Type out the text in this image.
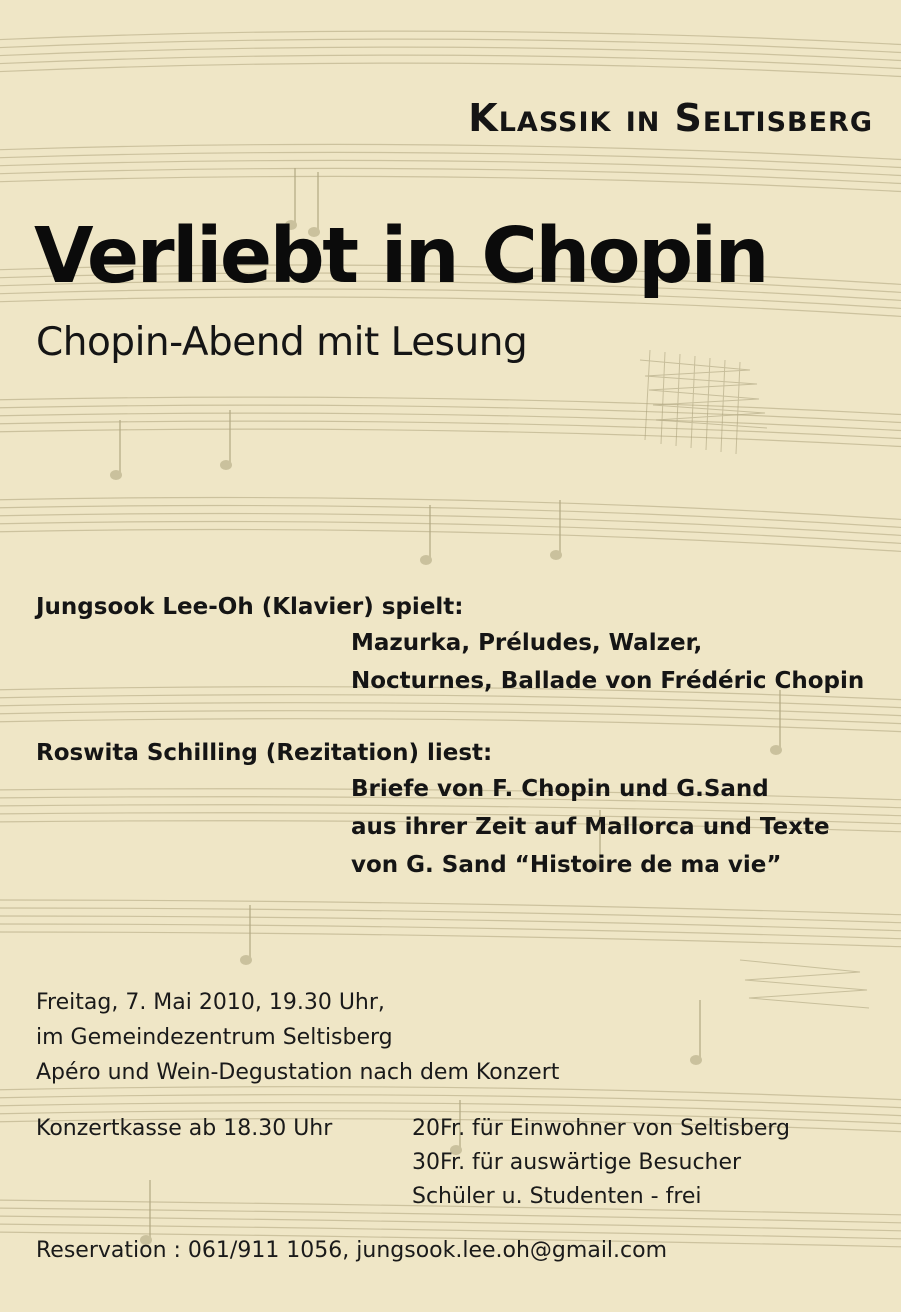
Klassik in Seltisberg
Verliebt in Chopin
Chopin-Abend mit Lesung
Jungsook Lee-Oh (Klavier) spielt:
Mazurka, Préludes, Walzer,
Nocturnes, Ballade von Frédéric Chopin
Roswita Schilling (Rezitation) liest:
Briefe von F. Chopin und G.Sand
aus ihrer Zeit auf Mallorca und Texte
von G. Sand “Histoire de ma vie”
Freitag, 7. Mai 2010, 19.30 Uhr,
im Gemeindezentrum Seltisberg
Apéro und Wein-Degustation nach dem Konzert
Konzertkasse ab 18.30 Uhr	20Fr. für Einwohner von Seltisberg
30Fr. für auswärtige Besucher
Schüler u. Studenten - frei
Reservation : 061/911 1056, jungsook.lee.oh@gmail.com
